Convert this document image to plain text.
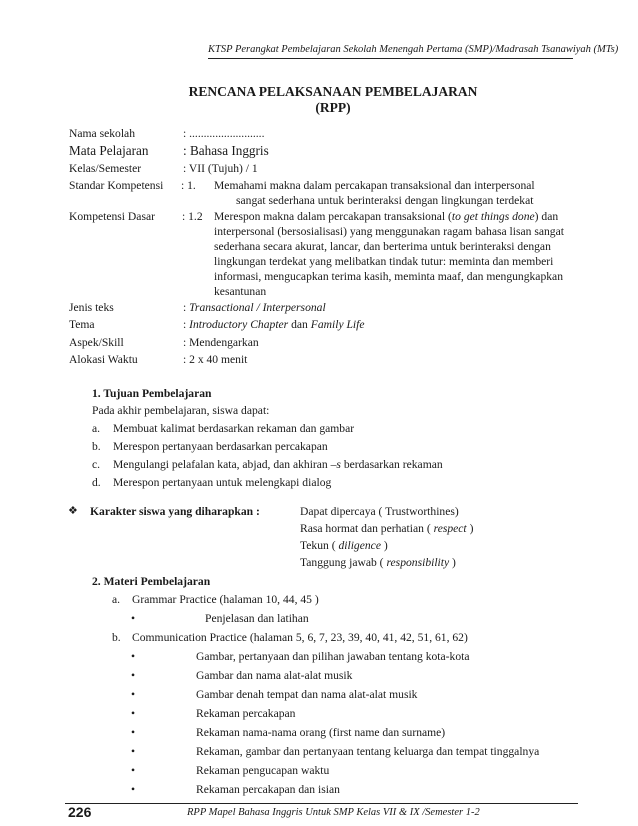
KTSP Perangkat Pembelajaran Sekolah Menengah Pertama (SMP)/Madrasah Tsanawiyah (MTs)
RENCANA PELAKSANAAN PEMBELAJARAN
(RPP)
Nama sekolah	: ..........................
Mata Pelajaran	: Bahasa Inggris
Kelas/Semester	: VII (Tujuh) / 1
Standar Kompetensi : 1. Memahami makna dalam percakapan transaksional dan interpersonal
sangat sederhana untuk berinteraksi dengan lingkungan terdekat
Kompetensi Dasar : 1.2 Merespon makna dalam percakapan transaksional (to get things done) dan
interpersonal (bersosialisasi) yang menggunakan ragam bahasa lisan sangat
sederhana secara akurat, lancar, dan berterima untuk berinteraksi dengan
lingkungan terdekat yang melibatkan tindak tutur: meminta dan memberi
informasi, mengucapkan terima kasih, meminta maaf, dan mengungkapkan
kesantunan
Jenis teks	: Transactional / Interpersonal
Tema	: Introductory Chapter dan Family Life
Aspek/Skill	: Mendengarkan
Alokasi Waktu	: 2 x 40 menit
1. Tujuan Pembelajaran
Pada akhir pembelajaran, siswa dapat:
a. Membuat kalimat berdasarkan rekaman dan gambar
b. Merespon pertanyaan berdasarkan percakapan
c. Mengulangi pelafalan kata, abjad, dan akhiran –s berdasarkan rekaman
d. Merespon pertanyaan untuk melengkapi dialog
❖ Karakter siswa yang diharapkan :	Dapat dipercaya ( Trustworthines)
Rasa hormat dan perhatian ( respect )
Tekun ( diligence )
Tanggung jawab ( responsibility )
2. Materi Pembelajaran
a. Grammar Practice (halaman 10, 44, 45 )
•	Penjelasan dan latihan
b. Communication Practice (halaman 5, 6, 7, 23, 39, 40, 41, 42, 51, 61, 62)
•	Gambar, pertanyaan dan pilihan jawaban tentang kota-kota
•	Gambar dan nama alat-alat musik
•	Gambar denah tempat dan nama alat-alat musik
•	Rekaman percakapan
•	Rekaman nama-nama orang (first name dan surname)
•	Rekaman, gambar dan pertanyaan tentang keluarga dan tempat tinggalnya
•	Rekaman pengucapan waktu
•	Rekaman percakapan dan isian
226	RPP Mapel Bahasa Inggris Untuk SMP Kelas VII & IX /Semester 1-2
